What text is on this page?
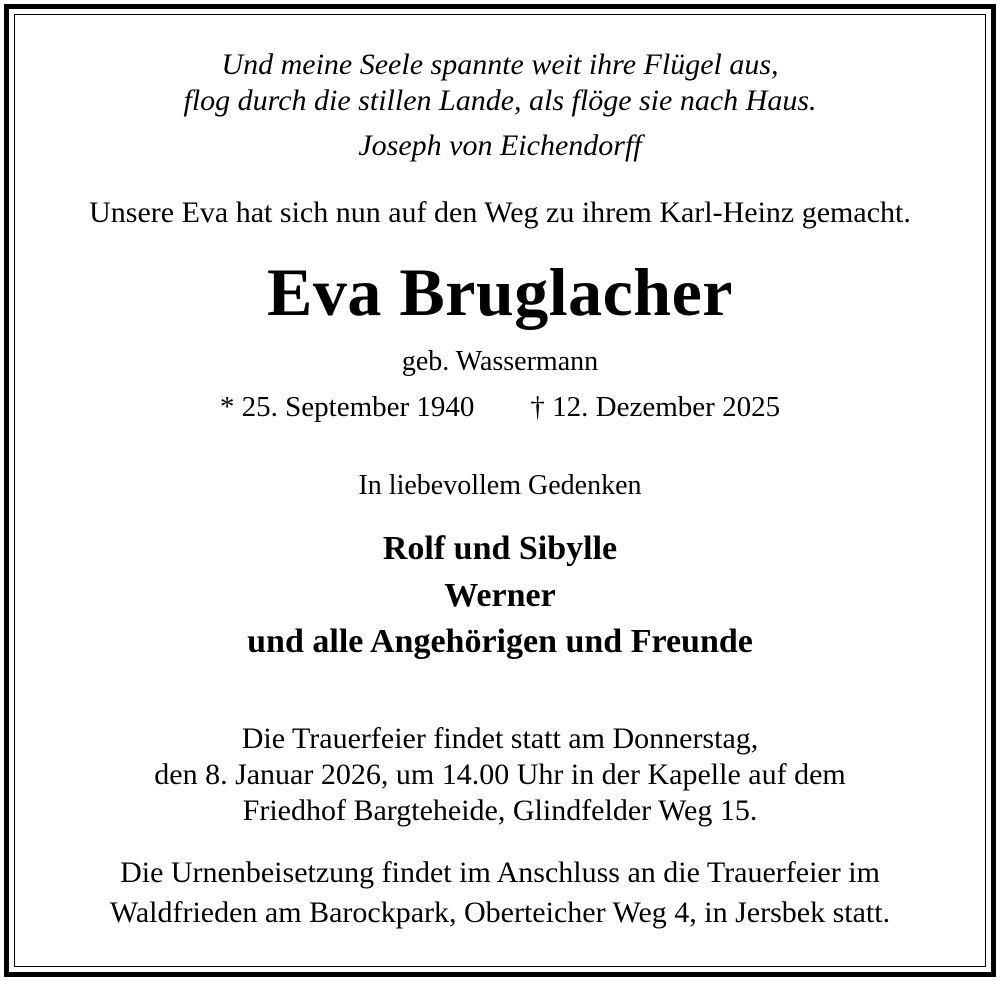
Und meine Seele spannte weit ihre Flügel aus,
flog durch die stillen Lande, als flöge sie nach Haus.
Joseph von Eichendorff
Unsere Eva hat sich nun auf den Weg zu ihrem Karl-Heinz gemacht.
Eva Bruglacher
geb. Wassermann
* 25. September 1940 † 12. Dezember 2025
In liebevollem Gedenken
Rolf und Sibylle
Werner
und alle Angehörigen und Freunde
Die Trauerfeier findet statt am Donnerstag,
den 8. Januar 2026, um 14.00 Uhr in der Kapelle auf dem
Friedhof Bargteheide, Glindfelder Weg 15.
Die Urnenbeisetzung findet im Anschluss an die Trauerfeier im
Waldfrieden am Barockpark, Oberteicher Weg 4, in Jersbek statt.
